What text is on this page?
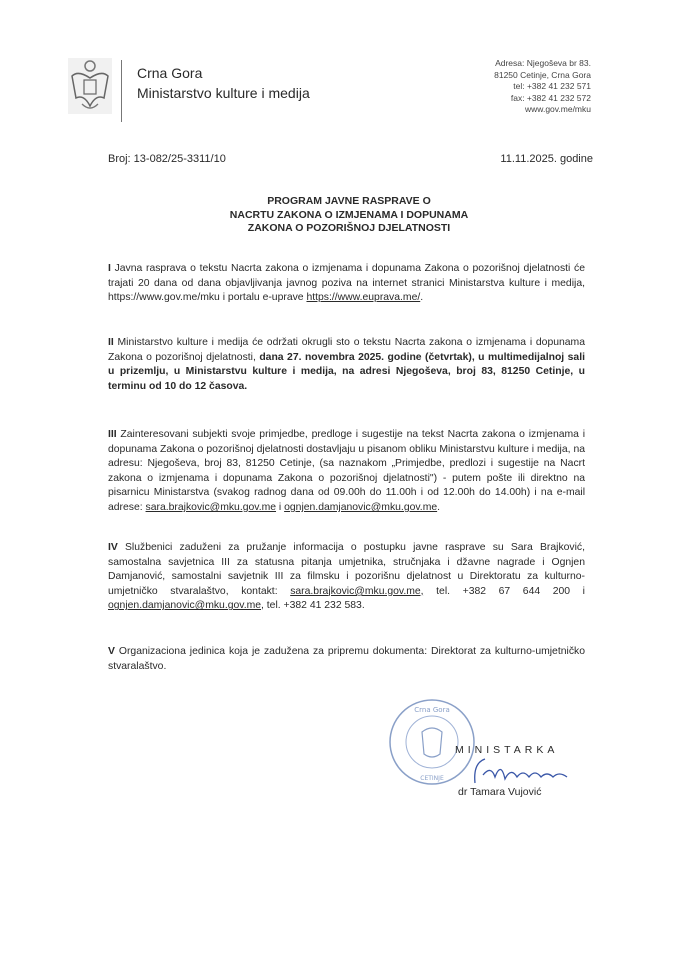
Crna Gora
Ministarstvo kulture i medija
Adresa: Njegoševa br 83.
81250 Cetinje, Crna Gora
tel: +382 41 232 571
fax: +382 41 232 572
www.gov.me/mku
Broj: 13-082/25-3311/10	11.11.2025. godine
PROGRAM JAVNE RASPRAVE O
NACRTU ZAKONA O IZMJENAMA I DOPUNAMA
ZAKONA O POZORIŠNOJ DJELATNOSTI
I Javna rasprava o tekstu Nacrta zakona o izmjenama i dopunama Zakona o pozorišnoj djelatnosti će trajati 20 dana od dana objavljivanja javnog poziva na internet stranici Ministarstva kulture i medija, https://www.gov.me/mku i portalu e-uprave https://www.euprava.me/.
II Ministarstvo kulture i medija će održati okrugli sto o tekstu Nacrta zakona o izmjenama i dopunama Zakona o pozorišnoj djelatnosti, dana 27. novembra 2025. godine (četvrtak), u multimedijalnoj sali u prizemlju, u Ministarstvu kulture i medija, na adresi Njegoševa, broj 83, 81250 Cetinje, u terminu od 10 do 12 časova.
III Zainteresovani subjekti svoje primjedbe, predloge i sugestije na tekst Nacrta zakona o izmjenama i dopunama Zakona o pozorišnoj djelatnosti dostavljaju u pisanom obliku Ministarstvu kulture i medija, na adresu: Njegoševa, broj 83, 81250 Cetinje, (sa naznakom „Primjedbe, predlozi i sugestije na Nacrt zakona o izmjenama i dopunama Zakona o pozorišnoj djelatnosti") - putem pošte ili direktno na pisarnicu Ministarstva (svakog radnog dana od 09.00h do 11.00h i od 12.00h do 14.00h) i na e-mail adrese: sara.brajkovic@mku.gov.me i ognjen.damjanovic@mku.gov.me.
IV Službenici zaduženi za pružanje informacija o postupku javne rasprave su Sara Brajković, samostalna savjetnica III za statusna pitanja umjetnika, stručnjaka i džavne nagrade i Ognjen Damjanović, samostalni savjetnik III za filmsku i pozorišnu djelatnost u Direktoratu za kulturno-umjetničko stvaralaštvo, kontakt: sara.brajkovic@mku.gov.me, tel. +382 67 644 200 i ognjen.damjanovic@mku.gov.me, tel. +382 41 232 583.
V Organizaciona jedinica koja je zadužena za pripremu dokumenta: Direktorat za kulturno-umjetničko stvaralaštvo.
Crna Gora
CETINJE
MINISTARKA
dr Tamara Vujović
